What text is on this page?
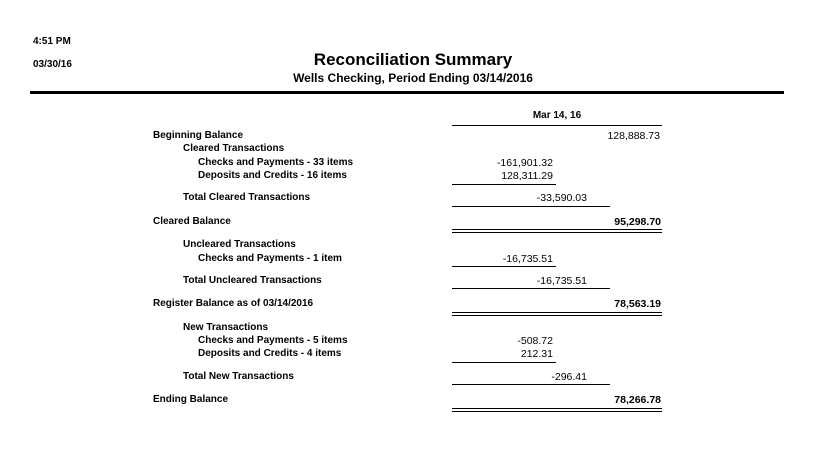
4:51 PM
03/30/16	Reconciliation Summary
Wells Checking, Period Ending 03/14/2016
Mar 14, 16
Beginning Balance	128,888.73
Cleared Transactions
Checks and Payments - 33 items	-161,901.32
Deposits and Credits - 16 items	128,311.29
Total Cleared Transactions	-33,590.03
Cleared Balance	95,298.70
Uncleared Transactions
Checks and Payments - 1 item	-16,735.51
Total Uncleared Transactions	-16,735.51
Register Balance as of 03/14/2016	78,563.19
New Transactions
Checks and Payments - 5 items	-508.72
Deposits and Credits - 4 items	212.31
Total New Transactions	-296.41
Ending Balance	78,266.78
